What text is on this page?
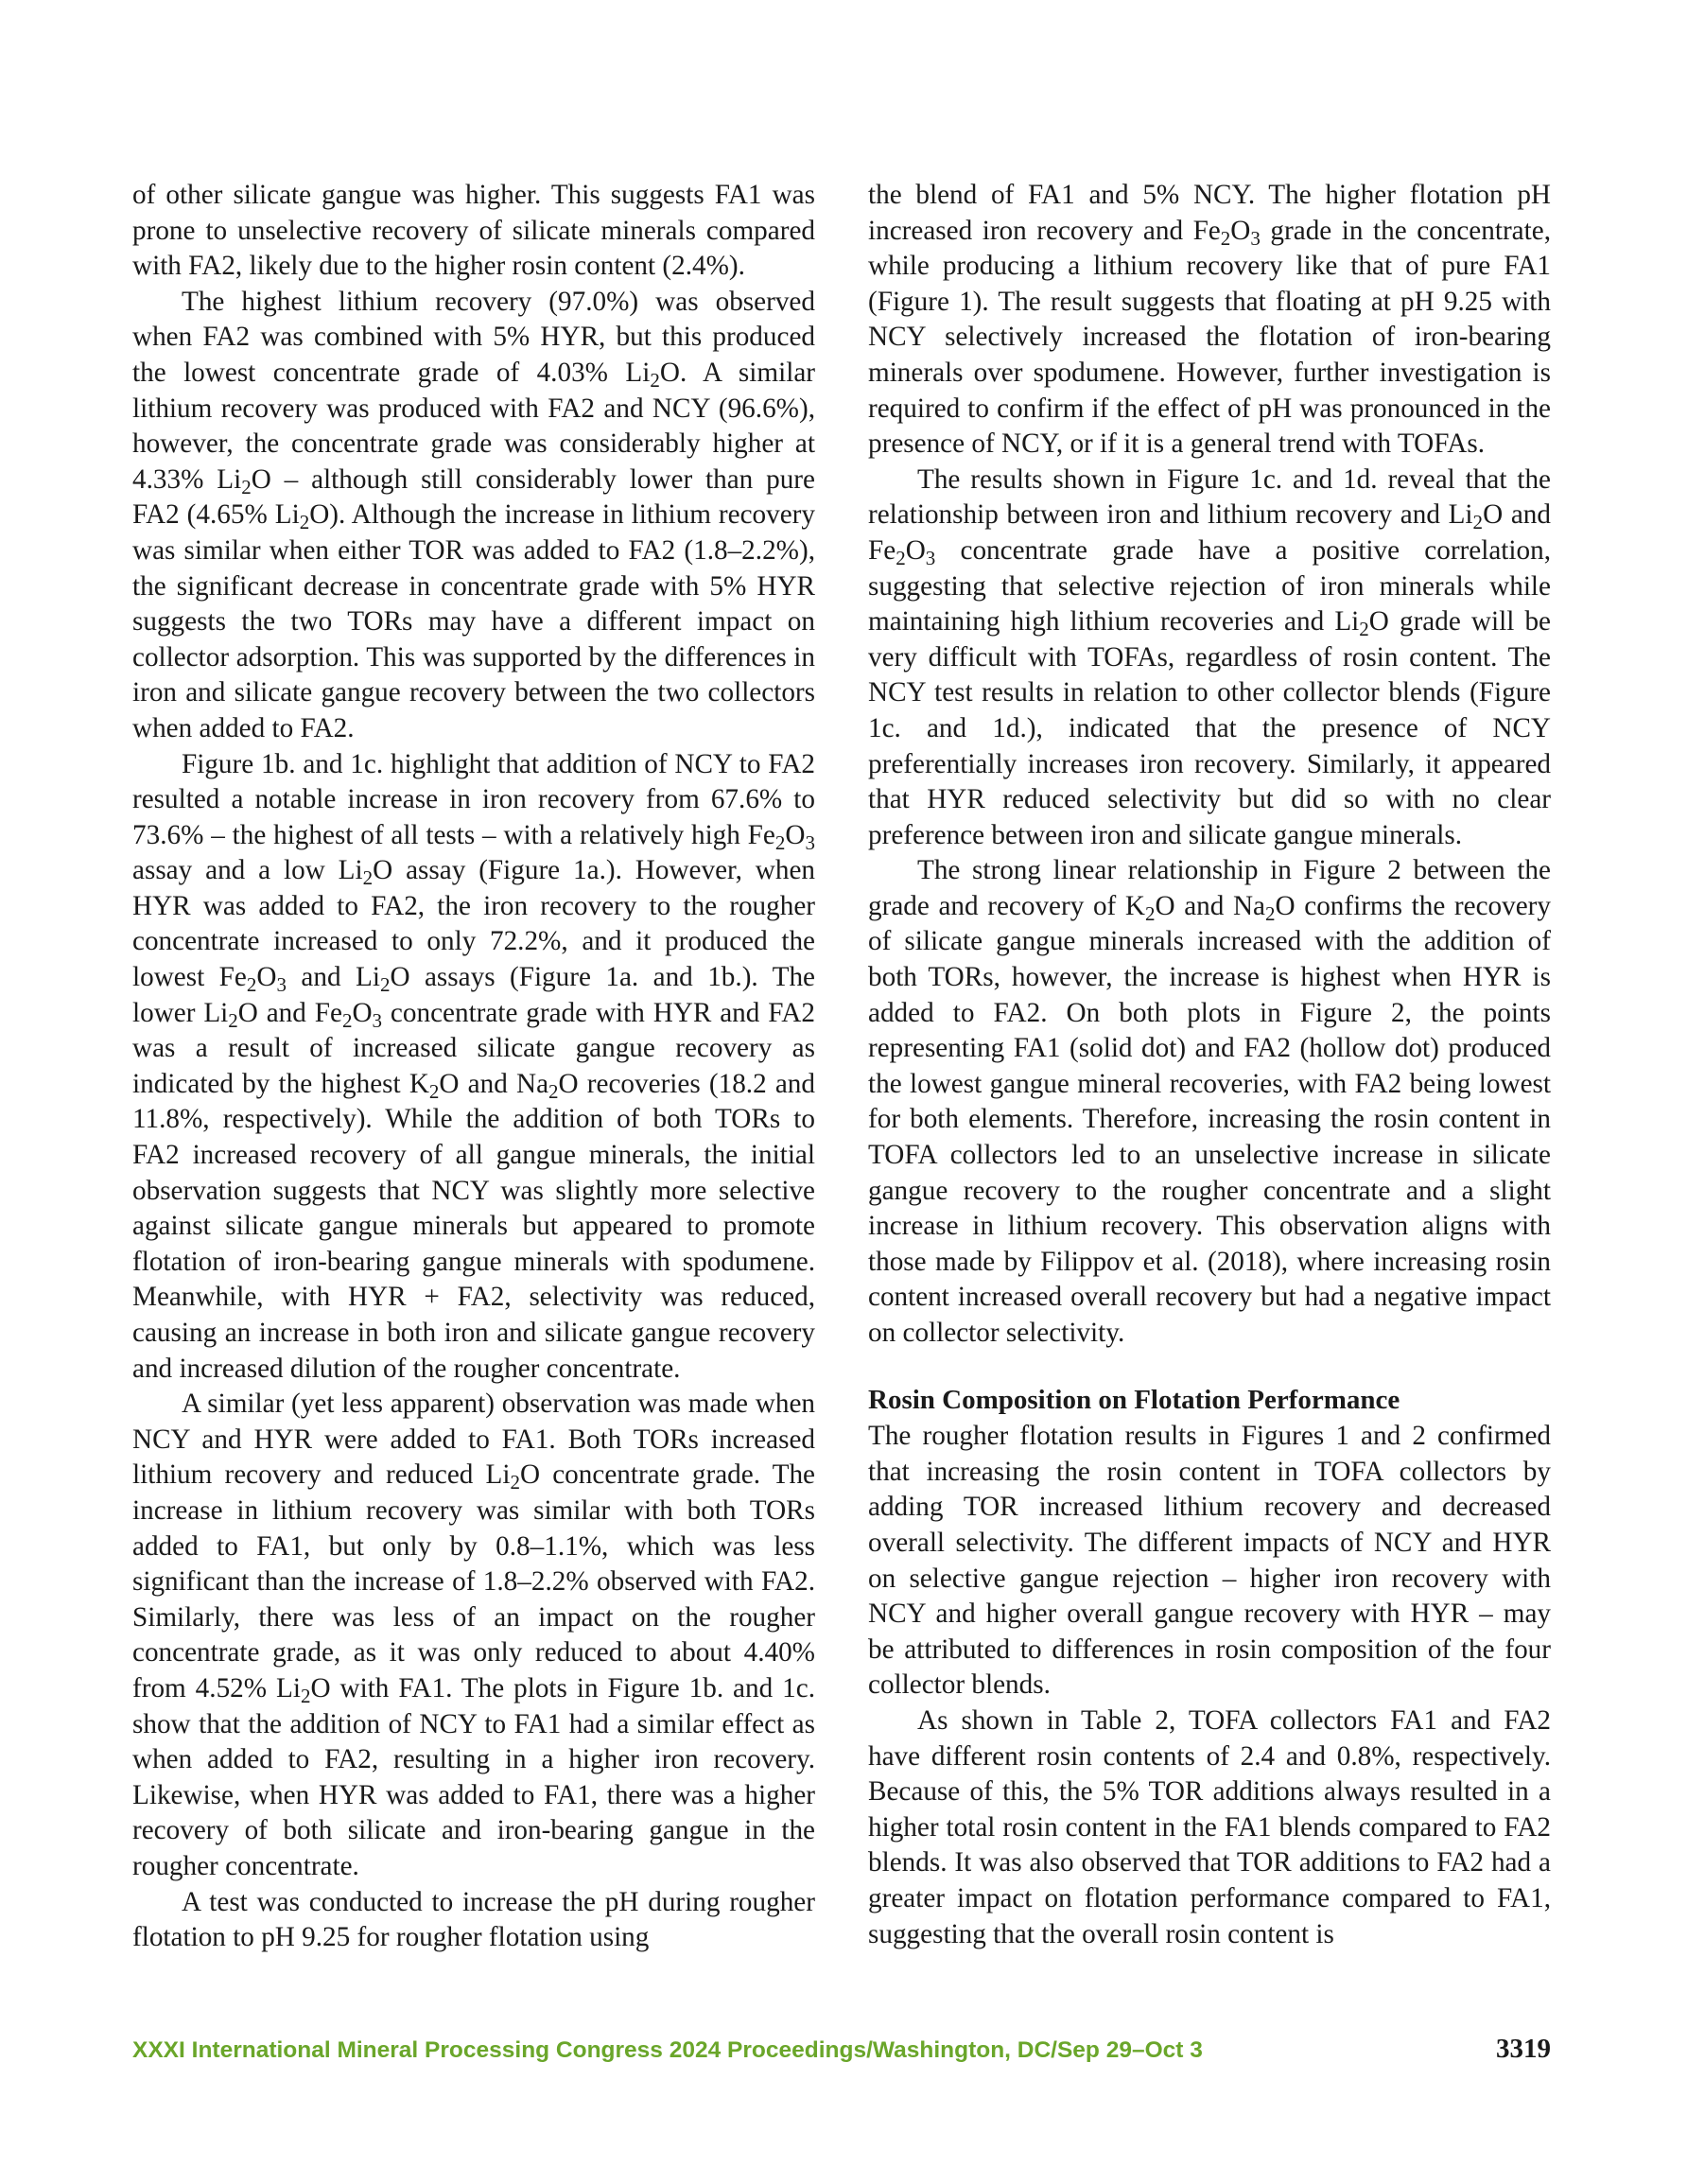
of other silicate gangue was higher. This suggests FA1 was prone to unselective recovery of silicate minerals compared with FA2, likely due to the higher rosin content (2.4%).

The highest lithium recovery (97.0%) was observed when FA2 was combined with 5% HYR, but this produced the lowest concentrate grade of 4.03% $Li_2O$. A similar lithium recovery was produced with FA2 and NCY (96.6%), however, the concentrate grade was considerably higher at 4.33% $Li_2O$ – although still considerably lower than pure FA2 (4.65% $Li_2O$). Although the increase in lithium recovery was similar when either TOR was added to FA2 (1.8–2.2%), the significant decrease in concentrate grade with 5% HYR suggests the two TORs may have a different impact on collector adsorption. This was supported by the differences in iron and silicate gangue recovery between the two collectors when added to FA2.

Figure 1b. and 1c. highlight that addition of NCY to FA2 resulted a notable increase in iron recovery from 67.6% to 73.6% – the highest of all tests – with a relatively high $Fe_2O_3$ assay and a low $Li_2O$ assay (Figure 1a.). However, when HYR was added to FA2, the iron recovery to the rougher concentrate increased to only 72.2%, and it produced the lowest $Fe_2O_3$ and $Li_2O$ assays (Figure 1a. and 1b.). The lower $Li_2O$ and $Fe_2O_3$ concentrate grade with HYR and FA2 was a result of increased silicate gangue recovery as indicated by the highest $K_2O$ and $Na_2O$ recoveries (18.2 and 11.8%, respectively). While the addition of both TORs to FA2 increased recovery of all gangue minerals, the initial observation suggests that NCY was slightly more selective against silicate gangue minerals but appeared to promote flotation of iron-bearing gangue minerals with spodumene. Meanwhile, with HYR + FA2, selectivity was reduced, causing an increase in both iron and silicate gangue recovery and increased dilution of the rougher concentrate.

A similar (yet less apparent) observation was made when NCY and HYR were added to FA1. Both TORs increased lithium recovery and reduced $Li_2O$ concentrate grade. The increase in lithium recovery was similar with both TORs added to FA1, but only by 0.8–1.1%, which was less significant than the increase of 1.8–2.2% observed with FA2. Similarly, there was less of an impact on the rougher concentrate grade, as it was only reduced to about 4.40% from 4.52% $Li_2O$ with FA1. The plots in Figure 1b. and 1c. show that the addition of NCY to FA1 had a similar effect as when added to FA2, resulting in a higher iron recovery. Likewise, when HYR was added to FA1, there was a higher recovery of both silicate and iron-bearing gangue in the rougher concentrate.

A test was conducted to increase the pH during rougher flotation to pH 9.25 for rougher flotation using

the blend of FA1 and 5% NCY. The higher flotation pH increased iron recovery and $Fe_2O_3$ grade in the concentrate, while producing a lithium recovery like that of pure FA1 (Figure 1). The result suggests that floating at pH 9.25 with NCY selectively increased the flotation of iron-bearing minerals over spodumene. However, further investigation is required to confirm if the effect of pH was pronounced in the presence of NCY, or if it is a general trend with TOFAs.

The results shown in Figure 1c. and 1d. reveal that the relationship between iron and lithium recovery and $Li_2O$ and $Fe_2O_3$ concentrate grade have a positive correlation, suggesting that selective rejection of iron minerals while maintaining high lithium recoveries and $Li_2O$ grade will be very difficult with TOFAs, regardless of rosin content. The NCY test results in relation to other collector blends (Figure 1c. and 1d.), indicated that the presence of NCY preferentially increases iron recovery. Similarly, it appeared that HYR reduced selectivity but did so with no clear preference between iron and silicate gangue minerals.

The strong linear relationship in Figure 2 between the grade and recovery of $K_2O$ and $Na_2O$ confirms the recovery of silicate gangue minerals increased with the addition of both TORs, however, the increase is highest when HYR is added to FA2. On both plots in Figure 2, the points representing FA1 (solid dot) and FA2 (hollow dot) produced the lowest gangue mineral recoveries, with FA2 being lowest for both elements. Therefore, increasing the rosin content in TOFA collectors led to an unselective increase in silicate gangue recovery to the rougher concentrate and a slight increase in lithium recovery. This observation aligns with those made by Filippov et al. (2018), where increasing rosin content increased overall recovery but had a negative impact on collector selectivity.

Rosin Composition on Flotation Performance

The rougher flotation results in Figures 1 and 2 confirmed that increasing the rosin content in TOFA collectors by adding TOR increased lithium recovery and decreased overall selectivity. The different impacts of NCY and HYR on selective gangue rejection – higher iron recovery with NCY and higher overall gangue recovery with HYR – may be attributed to differences in rosin composition of the four collector blends.

As shown in Table 2, TOFA collectors FA1 and FA2 have different rosin contents of 2.4 and 0.8%, respectively. Because of this, the 5% TOR additions always resulted in a higher total rosin content in the FA1 blends compared to FA2 blends. It was also observed that TOR additions to FA2 had a greater impact on flotation performance compared to FA1, suggesting that the overall rosin content is

XXXI International Mineral Processing Congress 2024 Proceedings/Washington, DC/Sep 29–Oct 3	3319
